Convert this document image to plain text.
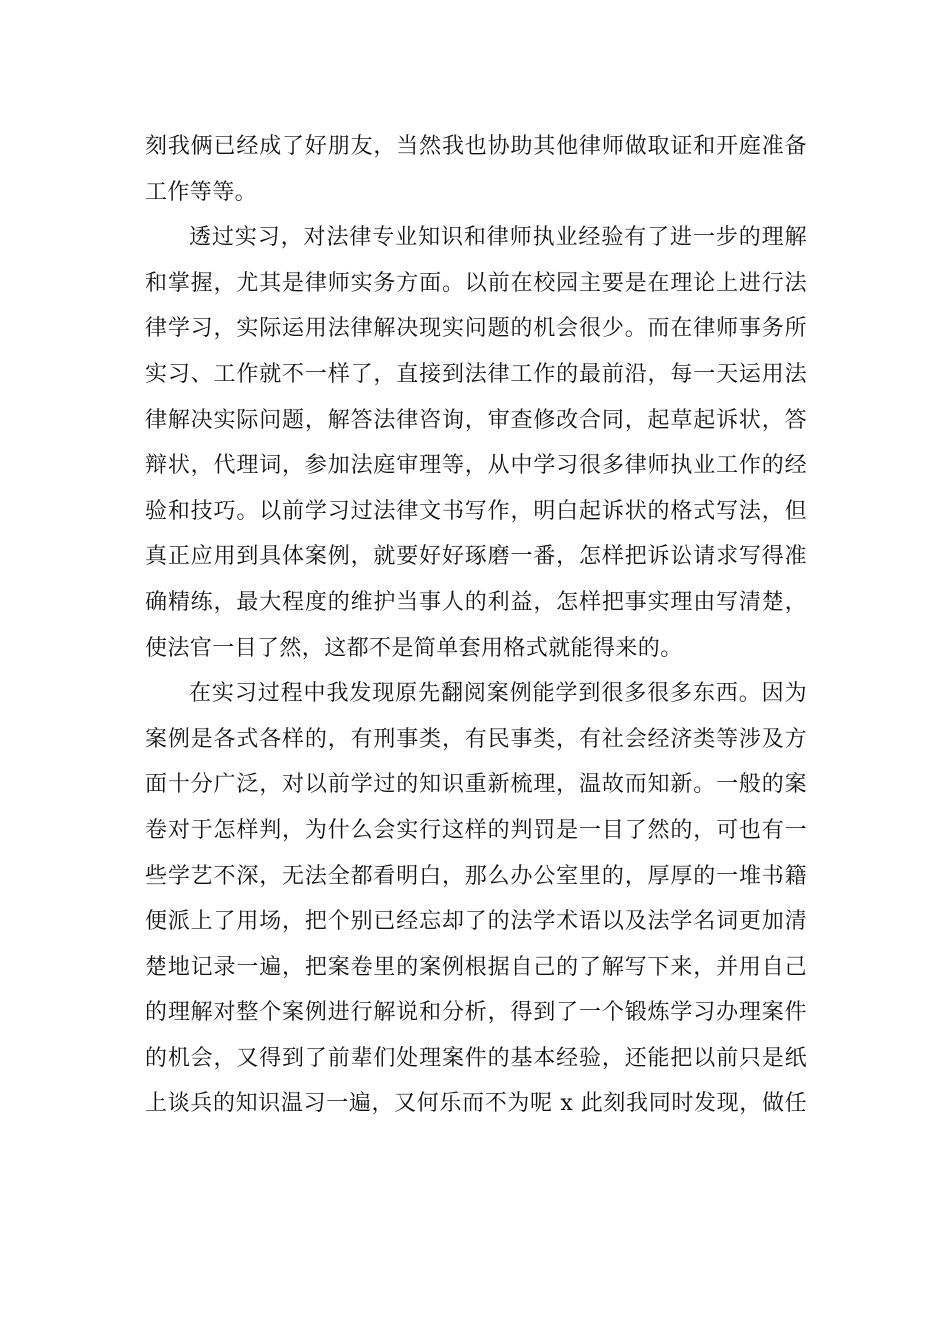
刻我俩已经成了好朋友，当然我也协助其他律师做取证和开庭准备
工作等等。
透过实习，对法律专业知识和律师执业经验有了进一步的理解
和掌握，尤其是律师实务方面。以前在校园主要是在理论上进行法
律学习，实际运用法律解决现实问题的机会很少。而在律师事务所
实习、工作就不一样了，直接到法律工作的最前沿，每一天运用法
律解决实际问题，解答法律咨询，审查修改合同，起草起诉状，答
辩状，代理词，参加法庭审理等，从中学习很多律师执业工作的经
验和技巧。以前学习过法律文书写作，明白起诉状的格式写法，但
真正应用到具体案例，就要好好琢磨一番，怎样把诉讼请求写得准
确精练，最大程度的维护当事人的利益，怎样把事实理由写清楚，
使法官一目了然，这都不是简单套用格式就能得来的。
在实习过程中我发现原先翻阅案例能学到很多很多东西。因为
案例是各式各样的，有刑事类，有民事类，有社会经济类等涉及方
面十分广泛，对以前学过的知识重新梳理，温故而知新。一般的案
卷对于怎样判，为什么会实行这样的判罚是一目了然的，可也有一
些学艺不深，无法全都看明白，那么办公室里的，厚厚的一堆书籍
便派上了用场，把个别已经忘却了的法学术语以及法学名词更加清
楚地记录一遍，把案卷里的案例根据自己的了解写下来，并用自己
的理解对整个案例进行解说和分析，得到了一个锻炼学习办理案件
的机会，又得到了前辈们处理案件的基本经验，还能把以前只是纸
上谈兵的知识温习一遍，又何乐而不为呢 x 此刻我同时发现，做任
